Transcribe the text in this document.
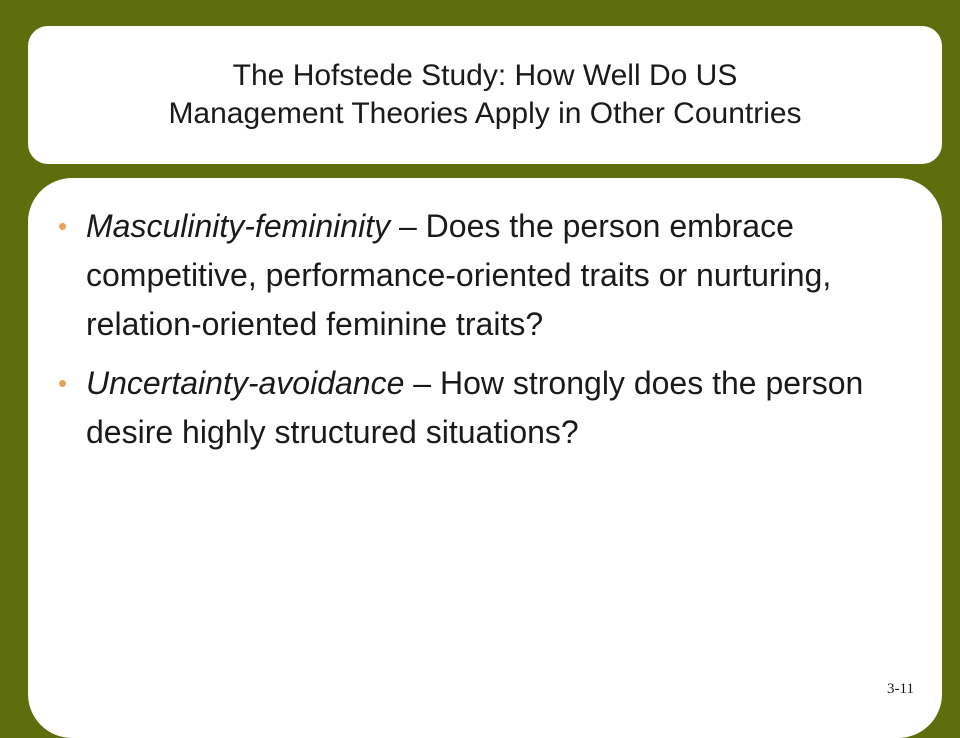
The Hofstede Study: How Well Do US
Management Theories Apply in Other Countries
• Masculinity-femininity – Does the person embrace competitive, performance-oriented traits or nurturing, relation-oriented feminine traits?
• Uncertainty-avoidance – How strongly does the person desire highly structured situations?
3-11
